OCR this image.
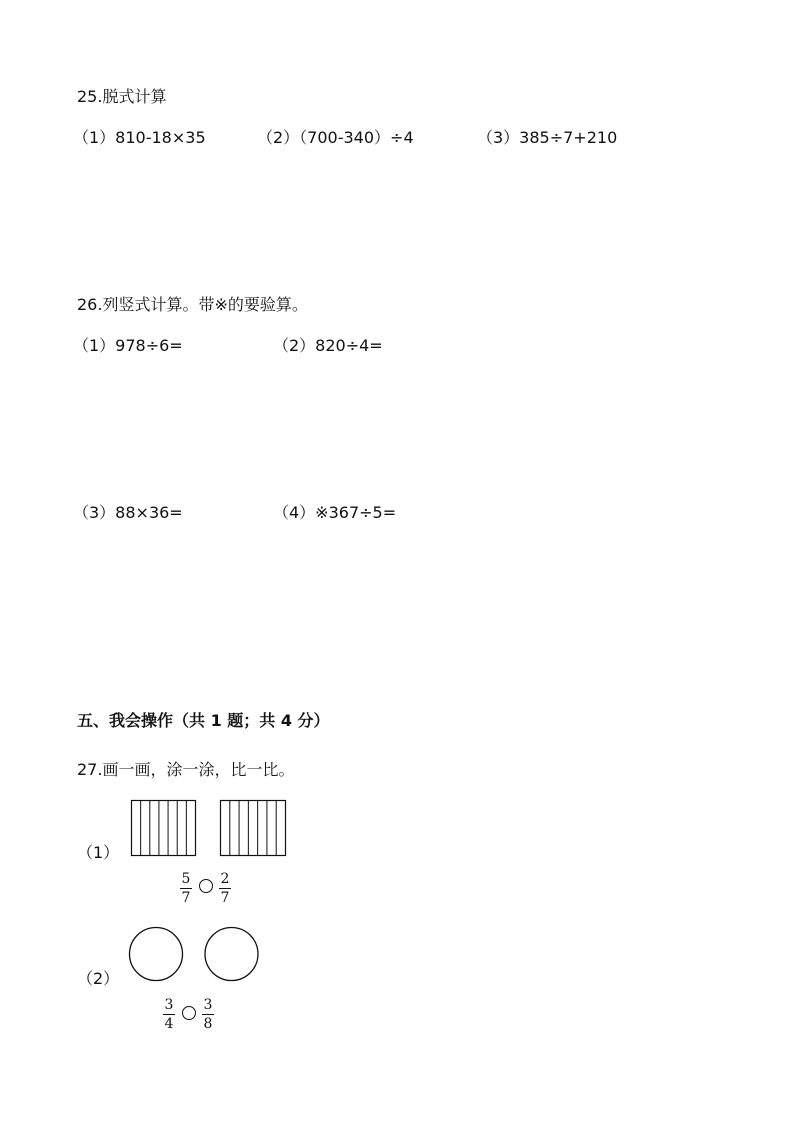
25.脱式计算
（1）810-18×35	（2）（700-340）÷4	（3）385÷7+210
26.列竖式计算。带※的要验算。
（1）978÷6=	（2）820÷4=
（3）88×36=	（4）※367÷5=
五、我会操作（共 1 题；共 4 分）
27.画一画，涂一涂，比一比。
（1）
5
7
2
7
（2）
3
4
3
8
